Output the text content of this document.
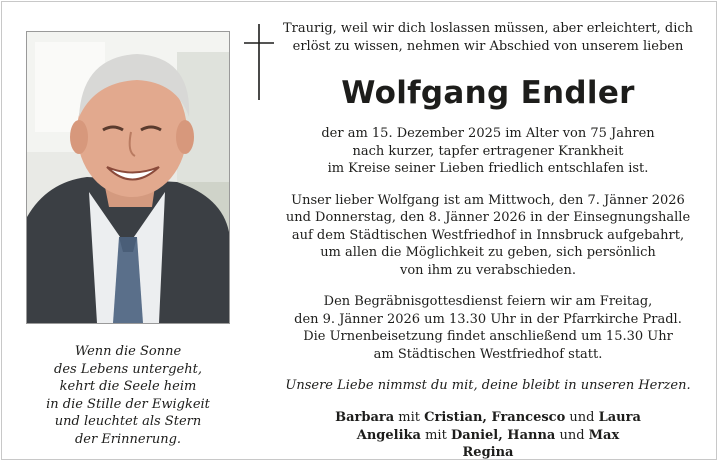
Wenn die Sonne
des Lebens untergeht,
kehrt die Seele heim
in die Stille der Ewigkeit
und leuchtet als Stern
der Erinnerung.
Traurig, weil wir dich loslassen müssen, aber erleichtert, dich
erlöst zu wissen, nehmen wir Abschied von unserem lieben
Wolfgang Endler
der am 15. Dezember 2025 im Alter von 75 Jahren
nach kurzer, tapfer ertragener Krankheit
im Kreise seiner Lieben friedlich entschlafen ist.
Unser lieber Wolfgang ist am Mittwoch, den 7. Jänner 2026
und Donnerstag, den 8. Jänner 2026 in der Einsegnungshalle
auf dem Städtischen Westfriedhof in Innsbruck aufgebahrt,
um allen die Möglichkeit zu geben, sich persönlich
von ihm zu verabschieden.
Den Begräbnisgottesdienst feiern wir am Freitag,
den 9. Jänner 2026 um 13.30 Uhr in der Pfarrkirche Pradl.
Die Urnenbeisetzung findet anschließend um 15.30 Uhr
am Städtischen Westfriedhof statt.
Unsere Liebe nimmst du mit, deine bleibt in unseren Herzen.
Barbara mit Cristian, Francesco und Laura
Angelika mit Daniel, Hanna und Max
Regina
